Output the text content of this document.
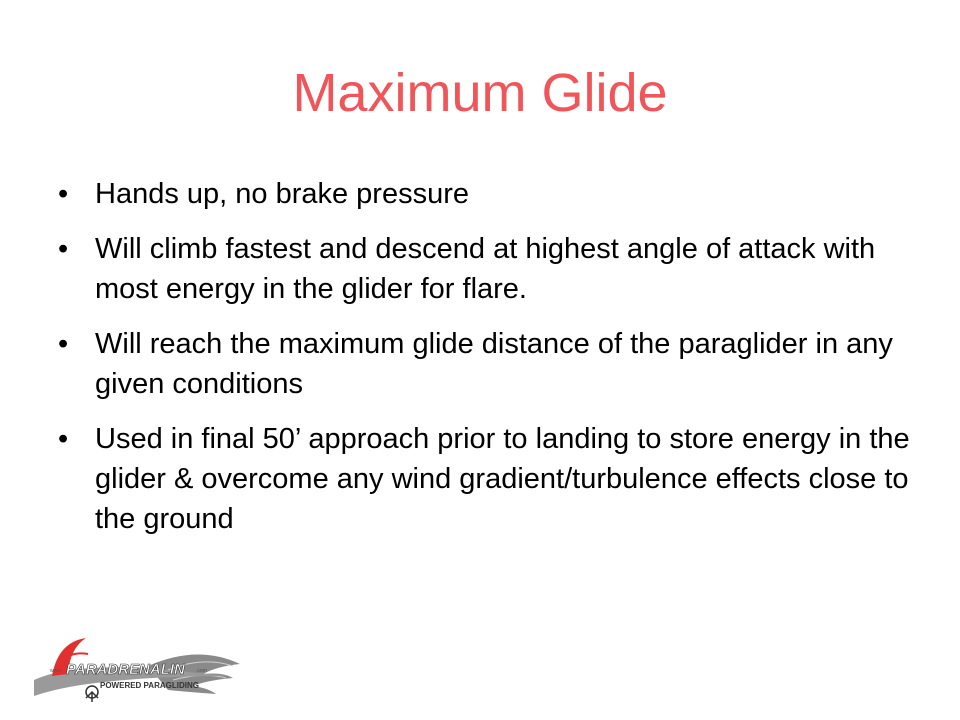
Maximum Glide
• Hands up, no brake pressure
• Will climb fastest and descend at highest angle of attack with most energy in the glider for flare.
• Will reach the maximum glide distance of the paraglider in any given conditions
• Used in final 50’ approach prior to landing to store energy in the glider & overcome any wind gradient/turbulence effects close to the ground
PARADRENALIN
www.	.com
POWERED PARAGLIDING
